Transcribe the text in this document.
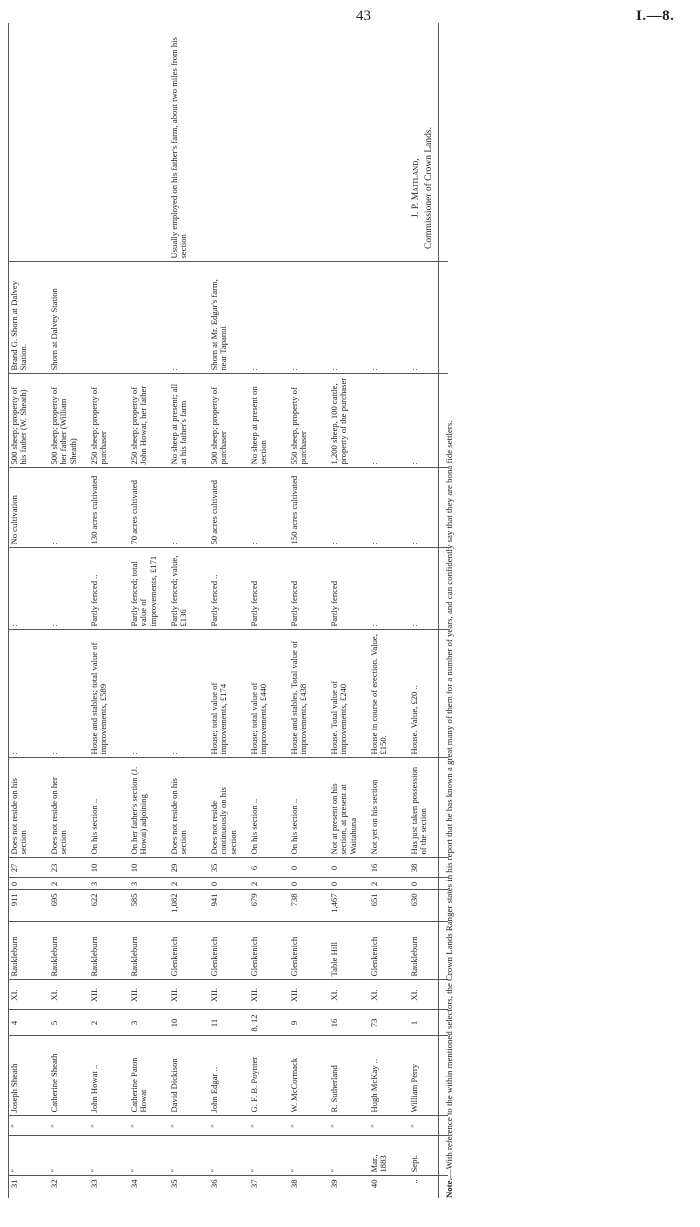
43	I.—8.
31	″	″	Joseph Sheath	4	XI.	Raukleburn	911	0	27	Does not reside on his section	:	:	No cultivation	500 sheep; property of his father (W. Sheath)	Brand G. Shorn at Dalvey Station.	
32	″	″	Catherine Sheath	5	XI.	Raukleburn	695	2	23	Does not reside on her section	:	:	:	500 sheep; property of her father (William Sheath)	Shorn at Dalvey Station	
33	″	″	John Howat ..	2	XII.	Raukleburn	622	3	10	On his section ..	House and stables; total value of improvements, £589	Partly fenced ..	130 acres cultivated	250 sheep; property of purchaser		
34	″	″	Catherine Paton Howat	3	XII.	Raukleburn	585	3	10	On her father's section (J. Howat) adjoining	:	Partly fenced; total value of improvements, £171	70 acres cultivated	250 sheep; property of John Howat, her father		
35	″	″	David Dickison	10	XII.	Glenkenich	1,082	2	29	Does not reside on his section	:	Partly fenced; value, £136	:	No sheep at present; all at his father's farm	:	Usually employed on his father's farm, about two miles from his section
36	″	″	John Edgar ..	11	XII.	Glenkenich	941	0	35	Does not reside continuously on his section	House; total value of improvements, £174	Partly fenced ..	50 acres cultivated	500 sheep; property of purchaser	Shorn at Mr. Edgar's farm, near Tapanui	
37	″	″	G. F. B. Poynter	8, 12	XII.	Glenkenich	679	2	6	On his section ..	House; total value of improvements, £440	Partly fenced	:	No sheep at present on section	:	
38	″	″	W. McCormack	9	XII.	Glenkenich	738	0	0	On his section ..	House and stables. Total value of improvements, £438	Partly fenced	150 acres cultivated	550 sheep, property of purchaser	:	
39	″	″	R. Sutherland	16	XI.	Table Hill	1,467	0	0	Not at present on his section, at present at Waitahuna	House. Total value of improvements, £240	Partly fenced	:	1,200 sheep, 100 cattle, property of the purchaser	:	
40	Mar., 1883	″	Hugh McKay ..	73	XI.	Glenkenich	651	2	16	Not yet on his section	House in course of erection. Value, £150.	:	:	:	:	
..	Sept.	″	William Perry	1	XI.	Raukleburn	630	0	38	Has just taken possession of the section	House. Value, £20 ..	:	:	:	:	
J. P. Maitland, Commissioner of Crown Lands.
Note.—With reference to the within mentioned selectors, the Crown Lands Ranger states in his report that he has known a great many of them for a number of years, and can confidently say that they are bona fide settlers.
